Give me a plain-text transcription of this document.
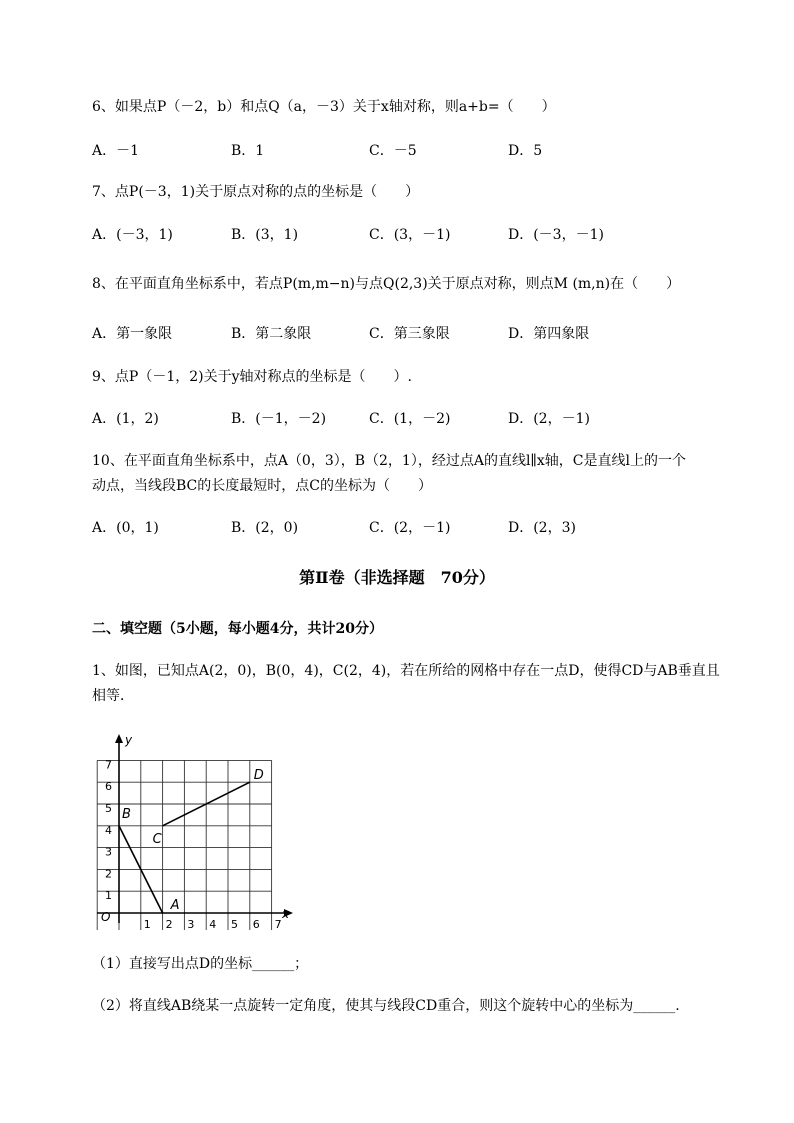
6、如果点P（－2，b）和点Q（a，－3）关于x轴对称，则a+b=（　　）
A．－1	B．1	C．－5	D．5
7、点P(－3，1)关于原点对称的点的坐标是（　　）
A．(－3，1)	B．(3，1)	C．(3，－1)	D．(－3，－1)
8、在平面直角坐标系中，若点P(m,m−n)与点Q(2,3)关于原点对称，则点M (m,n)在（　　）
A．第一象限	B．第二象限	C．第三象限	D．第四象限
9、点P（－1，2)关于y轴对称点的坐标是（　　）.
A．(1，2)	B．(－1，－2)	C．(1，－2)	D．(2，－1)
10、在平面直角坐标系中，点A（0，3），B（2，1），经过点A的直线l∥x轴，C是直线l上的一个
动点，当线段BC的长度最短时，点C的坐标为（　　）
A．(0，1)	B．(2，0)	C．(2，－1)	D．(2，3)
第Ⅱ卷（非选择题　70分）
二、填空题（5小题，每小题4分，共计20分）
1、如图，已知点A(2，0)，B(0，4)，C(2，4)，若在所给的网格中存在一点D，使得CD与AB垂直且
相等．
1 2 3 4 5 6 7
1
2
3
4
5
6
7
O	x
y
A
B
C
D
（1）直接写出点D的坐标______；
（2）将直线AB绕某一点旋转一定角度，使其与线段CD重合，则这个旋转中心的坐标为______.
